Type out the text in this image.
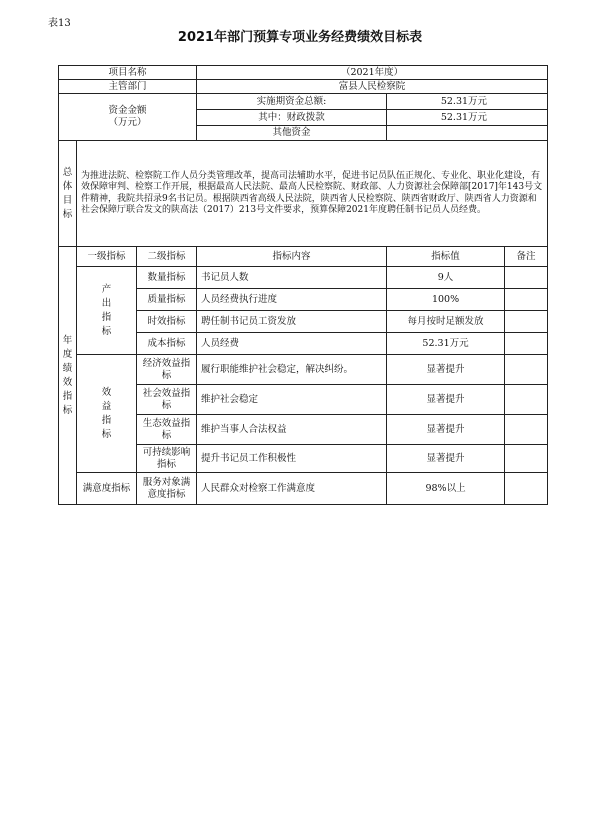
表13
2021年部门预算专项业务经费绩效目标表
项目名称			（2021年度）		
主管部门			富县人民检察院		

资金金额
（万元）			实施期资金总额:	52.31万元	
			其中：财政拨款	52.31万元	
			其他资金		
总体目标	为推进法院、检察院工作人员分类管理改革，提高司法辅助水平，促进书记员队伍正规化、专业化、职业化建设，有效保障审判、检察工作开展，根据最高人民法院、最高人民检察院、财政部、人力资源社会保障部[2017]年143号文件精神，我院共招录9名书记员。根据陕西省高级人民法院，陕西省人民检察院、陕西省财政厅、陕西省人力资源和社会保障厅联合发文的陕高法（2017）213号文件要求，预算保障2021年度聘任制书记员人员经费。				
年度绩效指标	一级指标	二级指标	指标内容	指标值	备注
	产出指标	数量指标	书记员人数	9人	
		质量指标	人员经费执行进度	100%	
		时效指标	聘任制书记员工资发放	每月按时足额发放	
		成本指标	人员经费	52.31万元	
	效益指标	经济效益指标	履行职能维护社会稳定，解决纠纷。	显著提升	
		社会效益指标	维护社会稳定	显著提升	
		生态效益指标	维护当事人合法权益	显著提升	
		可持续影响指标	提升书记员工作积极性	显著提升	
	满意度指标	服务对象满意度指标	人民群众对检察工作满意度	98%以上	
